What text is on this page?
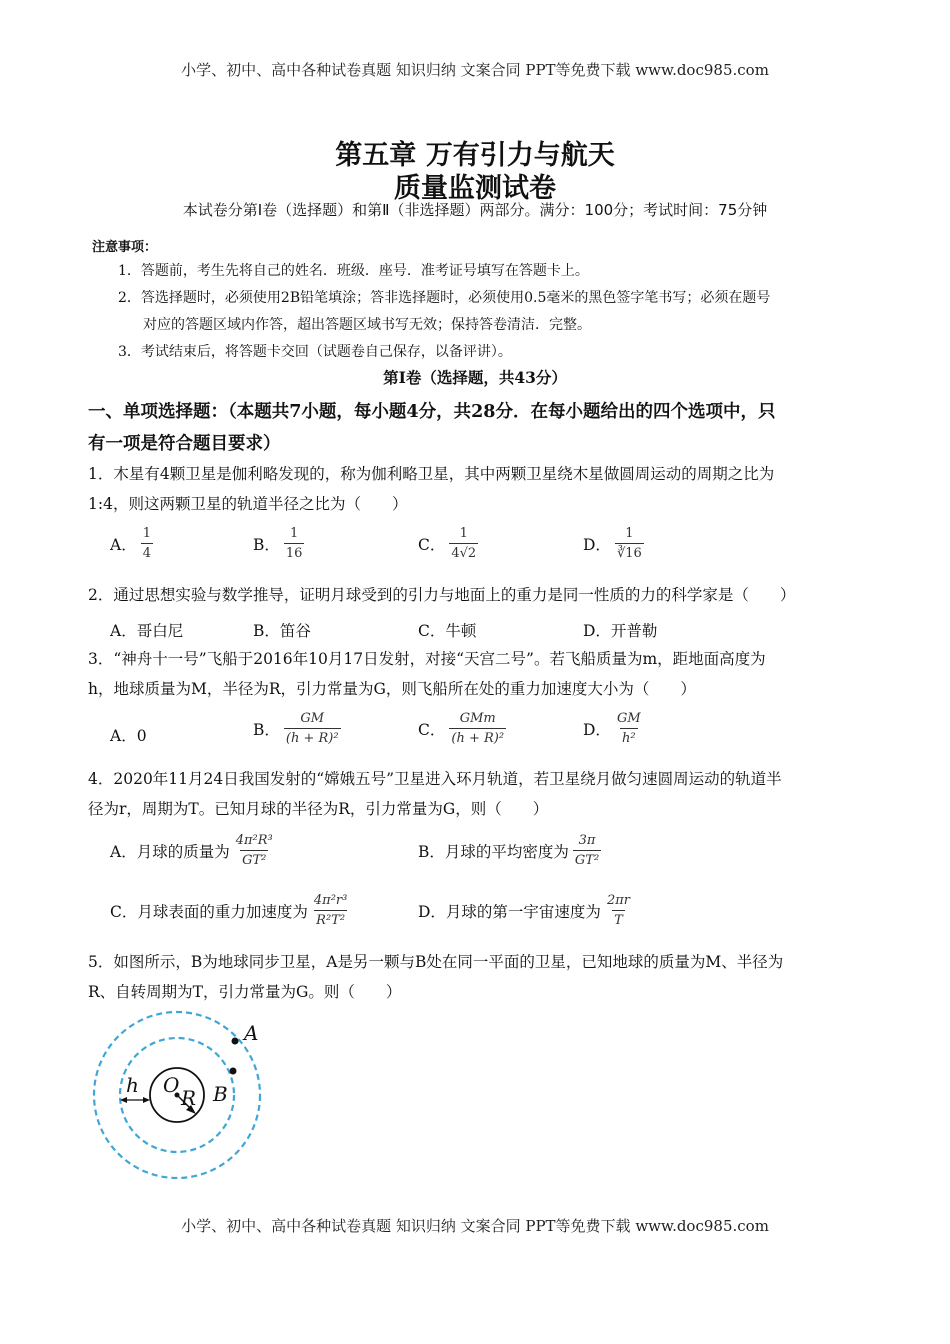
小学、初中、高中各种试卷真题 知识归纳 文案合同 PPT等免费下载 www.doc985.com
第五章 万有引力与航天
质量监测试卷
本试卷分第Ⅰ卷（选择题）和第Ⅱ（非选择题）两部分。满分：100分；考试时间：75分钟
注意事项：
1．答题前，考生先将自己的姓名．班级．座号．准考证号填写在答题卡上。
2．答选择题时，必须使用2B铅笔填涂；答非选择题时，必须使用0.5毫米的黑色签字笔书写；必须在题号
对应的答题区域内作答，超出答题区域书写无效；保持答卷清洁．完整。
3．考试结束后，将答题卡交回（试题卷自己保存，以备评讲）。
第Ⅰ卷（选择题，共43分）
一、单项选择题：（本题共7小题，每小题4分，共28分．在每小题给出的四个选项中，只
有一项是符合题目要求）
1．木星有4颗卫星是伽利略发现的，称为伽利略卫星，其中两颗卫星绕木星做圆周运动的周期之比为
1:4，则这两颗卫星的轨道半径之比为（　　）
A． $\frac{1}{4}$	B． $\frac{1}{16}$	C． $\frac{1}{4√2}$	D． $\frac{1}{∛16}$
2．通过思想实验与数学推导，证明月球受到的引力与地面上的重力是同一性质的力的科学家是（　　）
A．哥白尼	B．笛谷	C．牛顿	D．开普勒
3．“神舟十一号”飞船于2016年10月17日发射，对接“天宫二号”。若飞船质量为m，距地面高度为
h，地球质量为M，半径为R，引力常量为G，则飞船所在处的重力加速度大小为（　　）
A．0	B． $\frac{GM}{\text{(h + R)²}}$	C． $\frac{\text{GMm}}{\text{(h + R)²}}$	D． $\frac{GM}{\text{h²}}$
4．2020年11月24日我国发射的“嫦娥五号”卫星进入环月轨道，若卫星绕月做匀速圆周运动的轨道半
径为r，周期为T。已知月球的半径为R，引力常量为G，则（　　）
A．月球的质量为 $\frac{\text{4π²R³}}{\text{GT²}}$	B．月球的平均密度为 $\frac{3\pi}{\text{GT²}}$
C．月球表面的重力加速度为 $\frac{\text{4π²r³}}{\text{R²T²}}$	D．月球的第一宇宙速度为 $\frac{2\pi r}{T}$
5．如图所示，B为地球同步卫星，A是另一颗与B处在同一平面的卫星，已知地球的质量为M、半径为
R、自转周期为T，引力常量为G。则（　　）
A
B
O
R
h
小学、初中、高中各种试卷真题 知识归纳 文案合同 PPT等免费下载 www.doc985.com
